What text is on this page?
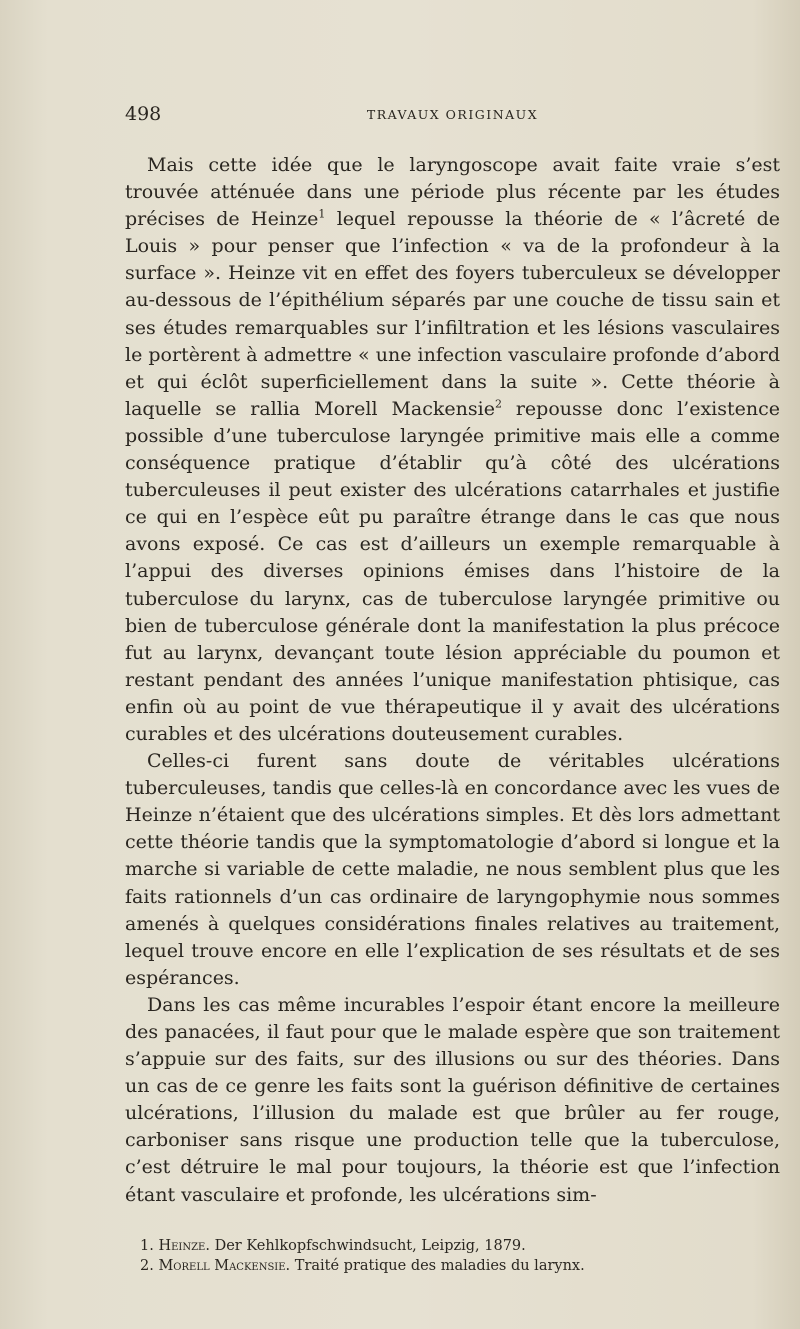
498	TRAVAUX ORIGINAUX

Mais cette idée que le laryngoscope avait faite vraie s’est trouvée atténuée dans une période plus récente par les études précises de Heinze$^1$ lequel repousse la théorie de « l’âcreté de Louis » pour penser que l’infection « va de la profondeur à la surface ». Heinze vit en effet des foyers tuberculeux se développer au-dessous de l’épithélium séparés par une couche de tissu sain et ses études remarquables sur l’infiltration et les lésions vasculaires le portèrent à admettre « une infection vasculaire profonde d’abord et qui éclôt superficiellement dans la suite ». Cette théorie à laquelle se rallia Morell Mackensie$^2$ repousse donc l’existence possible d’une tuberculose laryngée primitive mais elle a comme conséquence pratique d’établir qu’à côté des ulcérations tuberculeuses il peut exister des ulcérations catarrhales et justifie ce qui en l’espèce eût pu paraître étrange dans le cas que nous avons exposé. Ce cas est d’ailleurs un exemple remarquable à l’appui des diverses opinions émises dans l’histoire de la tuberculose du larynx, cas de tuberculose laryngée primitive ou bien de tuberculose générale dont la manifestation la plus précoce fut au larynx, devançant toute lésion appréciable du poumon et restant pendant des années l’unique manifestation phtisique, cas enfin où au point de vue thérapeutique il y avait des ulcérations curables et des ulcérations douteusement curables.

Celles-ci furent sans doute de véritables ulcérations tuberculeuses, tandis que celles-là en concordance avec les vues de Heinze n’étaient que des ulcérations simples. Et dès lors admettant cette théorie tandis que la symptomatologie d’abord si longue et la marche si variable de cette maladie, ne nous semblent plus que les faits rationnels d’un cas ordinaire de laryngophymie nous sommes amenés à quelques considérations finales relatives au traitement, lequel trouve encore en elle l’explication de ses résultats et de ses espérances.

Dans les cas même incurables l’espoir étant encore la meilleure des panacées, il faut pour que le malade espère que son traitement s’appuie sur des faits, sur des illusions ou sur des théories. Dans un cas de ce genre les faits sont la guérison définitive de certaines ulcérations, l’illusion du malade est que brûler au fer rouge, carboniser sans risque une production telle que la tuberculose, c’est détruire le mal pour toujours, la théorie est que l’infection étant vasculaire et profonde, les ulcérations sim-

1. Heinze. Der Kehlkopfschwindsucht, Leipzig, 1879.

2. Morell Mackensie. Traité pratique des maladies du larynx.
